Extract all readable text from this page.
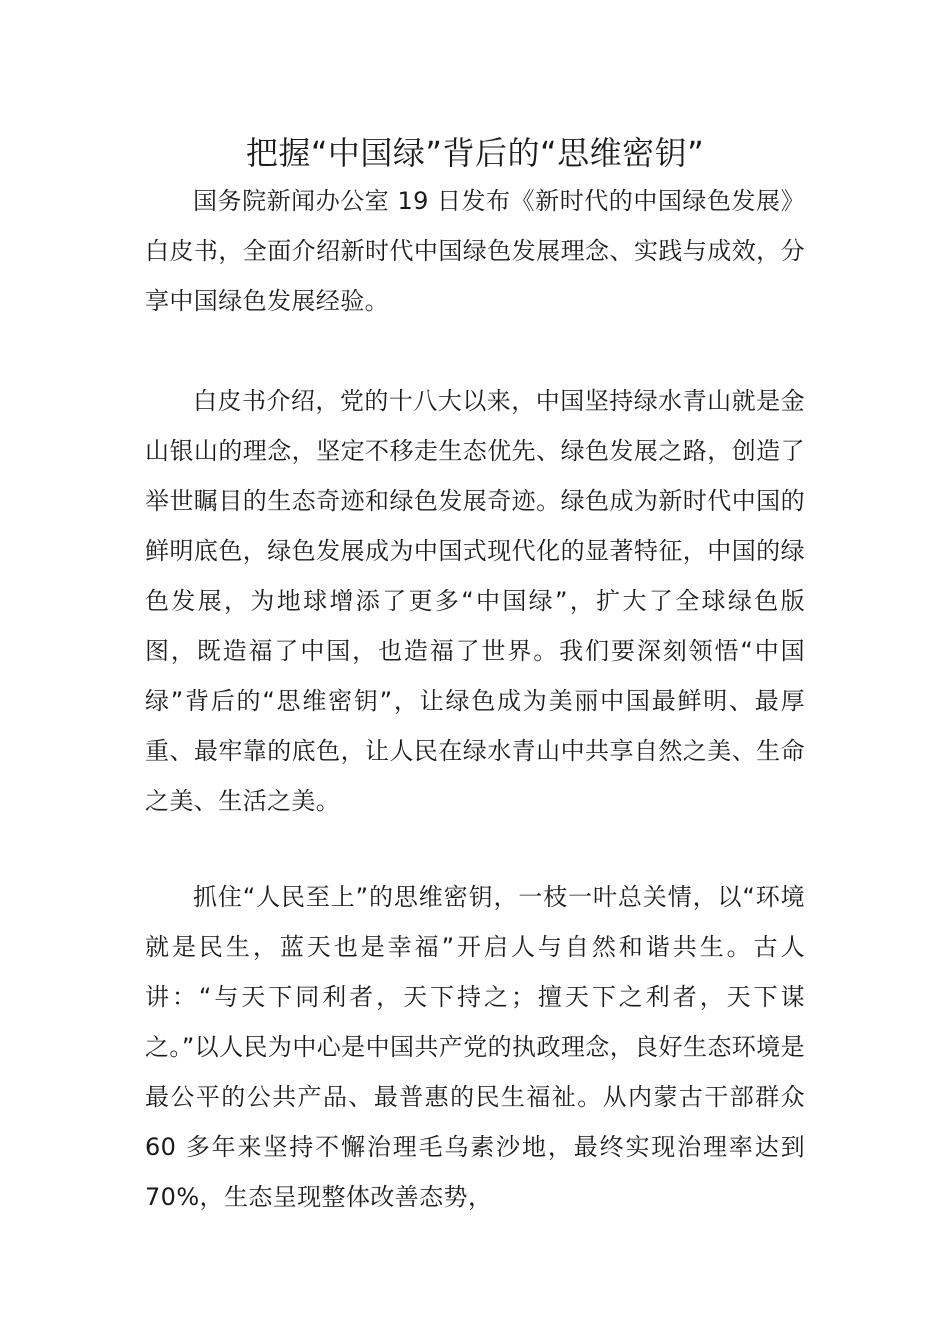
把握“中国绿”背后的“思维密钥”

国务院新闻办公室 19 日发布《新时代的中国绿色发展》白皮书，全面介绍新时代中国绿色发展理念、实践与成效，分享中国绿色发展经验。

白皮书介绍，党的十八大以来，中国坚持绿水青山就是金山银山的理念，坚定不移走生态优先、绿色发展之路，创造了举世瞩目的生态奇迹和绿色发展奇迹。绿色成为新时代中国的鲜明底色，绿色发展成为中国式现代化的显著特征，中国的绿色发展，为地球增添了更多“中国绿”，扩大了全球绿色版图，既造福了中国，也造福了世界。我们要深刻领悟“中国绿”背后的“思维密钥”，让绿色成为美丽中国最鲜明、最厚重、最牢靠的底色，让人民在绿水青山中共享自然之美、生命之美、生活之美。

抓住“人民至上”的思维密钥，一枝一叶总关情，以“环境就是民生，蓝天也是幸福”开启人与自然和谐共生。古人讲：“与天下同利者，天下持之；擅天下之利者，天下谋之。”以人民为中心是中国共产党的执政理念，良好生态环境是最公平的公共产品、最普惠的民生福祉。从内蒙古干部群众 60 多年来坚持不懈治理毛乌素沙地，最终实现治理率达到 70%，生态呈现整体改善态势，
